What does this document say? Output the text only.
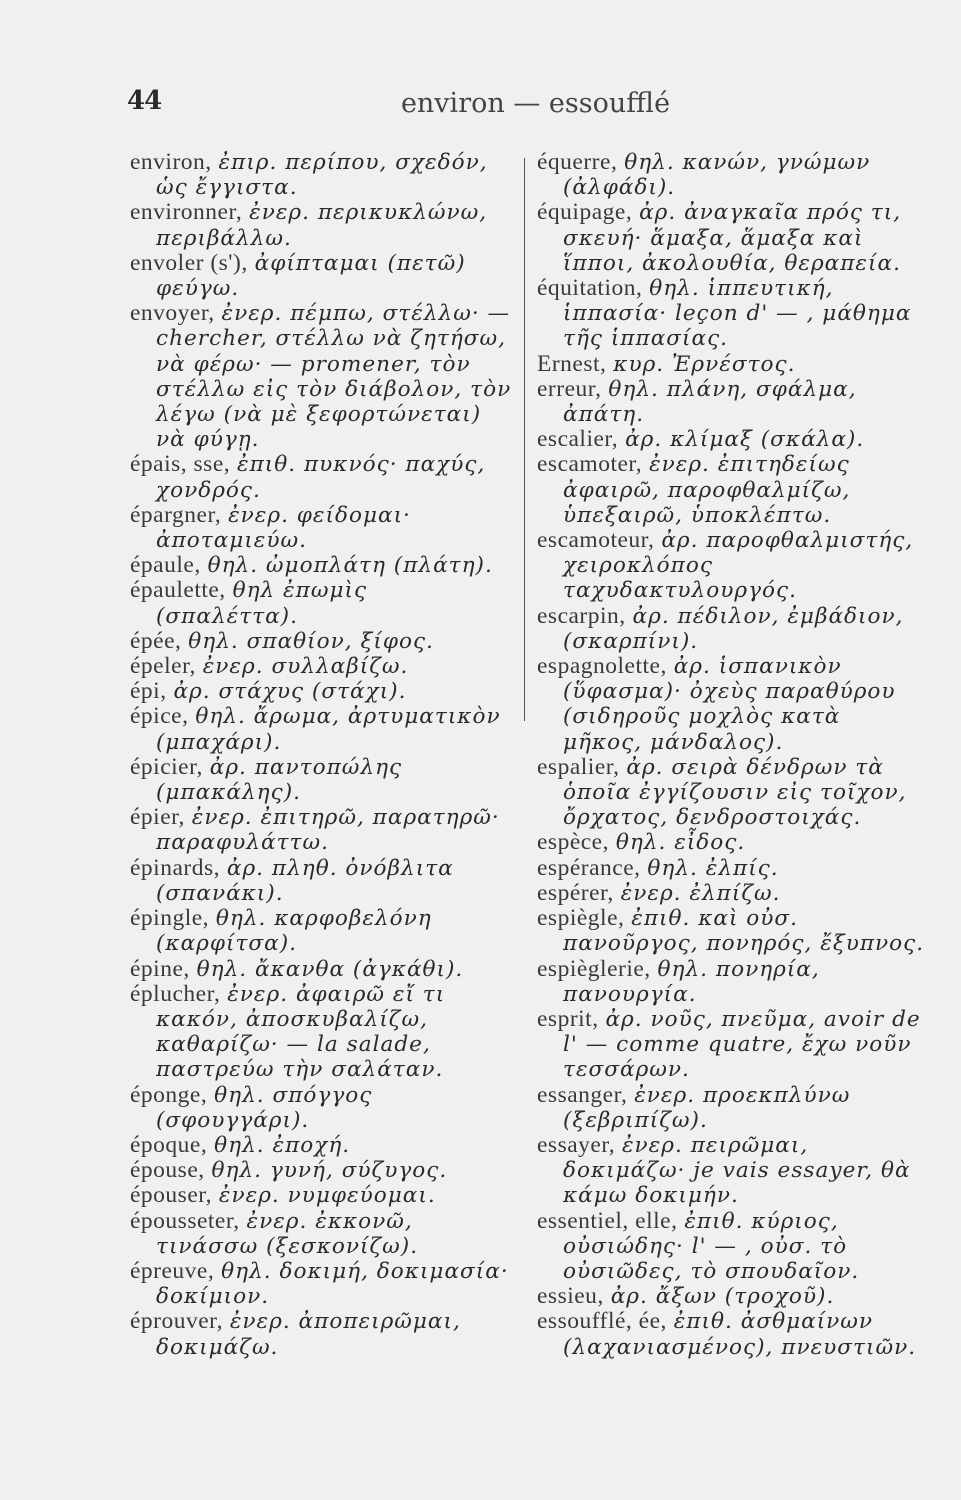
44	environ — essoufflé

environ, ἐπιρ. περίπου, σχεδόν, ὡς ἔγγιστα.

environner, ἐνερ. περικυκλώνω, περιβάλλω.

envoler (s'), ἀφίπταμαι (πετῶ) φεύγω.

envoyer, ἐνερ. πέμπω, στέλλω· — chercher, στέλλω νὰ ζητήσω, νὰ φέρω· — promener, τὸν στέλλω εἰς τὸν διάβολον, τὸν λέγω (νὰ μὲ ξεφορτώνεται) νὰ φύγῃ.

épais, sse, ἐπιθ. πυκνός· παχύς, χονδρός.

épargner, ἐνερ. φείδομαι· ἀποταμιεύω.

épaule, θηλ. ὠμοπλάτη (πλάτη).

épaulette, θηλ ἐπωμὶς (σπαλέττα).

épée, θηλ. σπαθίον, ξίφος.

épeler, ἐνερ. συλλαβίζω.

épi, ἀρ. στάχυς (στάχι).

épice, θηλ. ἄρωμα, ἀρτυματικὸν (μπαχάρι).

épicier, ἀρ. παντοπώλης (μπακάλης).

épier, ἐνερ. ἐπιτηρῶ, παρατηρῶ· παραφυλάττω.

épinards, ἀρ. πληθ. ὀνόβλιτα (σπανάκι).

épingle, θηλ. καρφοβελόνη (καρφίτσα).

épine, θηλ. ἄκανθα (ἀγκάθι).

éplucher, ἐνερ. ἀφαιρῶ εἴ τι κακόν, ἀποσκυβαλίζω, καθαρίζω· — la salade, παστρεύω τὴν σαλάταν.

éponge, θηλ. σπόγγος (σφουγγάρι).

époque, θηλ. ἐποχή.

épouse, θηλ. γυνή, σύζυγος.

épouser, ἐνερ. νυμφεύομαι.

épousseter, ἐνερ. ἐκκονῶ, τινάσσω (ξεσκονίζω).

épreuve, θηλ. δοκιμή, δοκιμασία· δοκίμιον.

éprouver, ἐνερ. ἀποπειρῶμαι, δοκιμάζω.

équerre, θηλ. κανών, γνώμων (ἀλφάδι).

équipage, ἀρ. ἀναγκαῖα πρός τι, σκευή· ἅμαξα, ἅμαξα καὶ ἵπποι, ἀκολουθία, θεραπεία.

équitation, θηλ. ἱππευτική, ἱππασία· leçon d' — , μάθημα τῆς ἱππασίας.

Ernest, κυρ. Ἐρνέστος.

erreur, θηλ. πλάνη, σφάλμα, ἀπάτη.

escalier, ἀρ. κλίμαξ (σκάλα).

escamoter, ἐνερ. ἐπιτηδείως ἀφαιρῶ, παροφθαλμίζω, ὑπεξαιρῶ, ὑποκλέπτω.

escamoteur, ἀρ. παροφθαλμιστής, χειροκλόπος ταχυδακτυλουργός.

escarpin, ἀρ. πέδιλον, ἐμβάδιον, (σκαρπίνι).

espagnolette, ἀρ. ἱσπανικὸν (ὕφασμα)· ὀχεὺς παραθύρου (σιδηροῦς μοχλὸς κατὰ μῆκος, μάνδαλος).

espalier, ἀρ. σειρὰ δένδρων τὰ ὁποῖα ἐγγίζουσιν εἰς τοῖχον, ὄρχατος, δενδροστοιχάς.

espèce, θηλ. εἶδος.

espérance, θηλ. ἐλπίς.

espérer, ἐνερ. ἐλπίζω.

espiègle, ἐπιθ. καὶ οὐσ. πανοῦργος, πονηρός, ἔξυπνος.

espièglerie, θηλ. πονηρία, πανουργία.

esprit, ἀρ. νοῦς, πνεῦμα, avoir de l' — comme quatre, ἔχω νοῦν τεσσάρων.

essanger, ἐνερ. προεκπλύνω (ξεβριπίζω).

essayer, ἐνερ. πειρῶμαι, δοκιμάζω· je vais essayer, θὰ κάμω δοκιμήν.

essentiel, elle, ἐπιθ. κύριος, οὐσιώδης· l' — , οὐσ. τὸ οὐσιῶδες, τὸ σπουδαῖον.

essieu, ἀρ. ἄξων (τροχοῦ).

essoufflé, ée, ἐπιθ. ἀσθμαίνων (λαχανιασμένος), πνευστιῶν.
